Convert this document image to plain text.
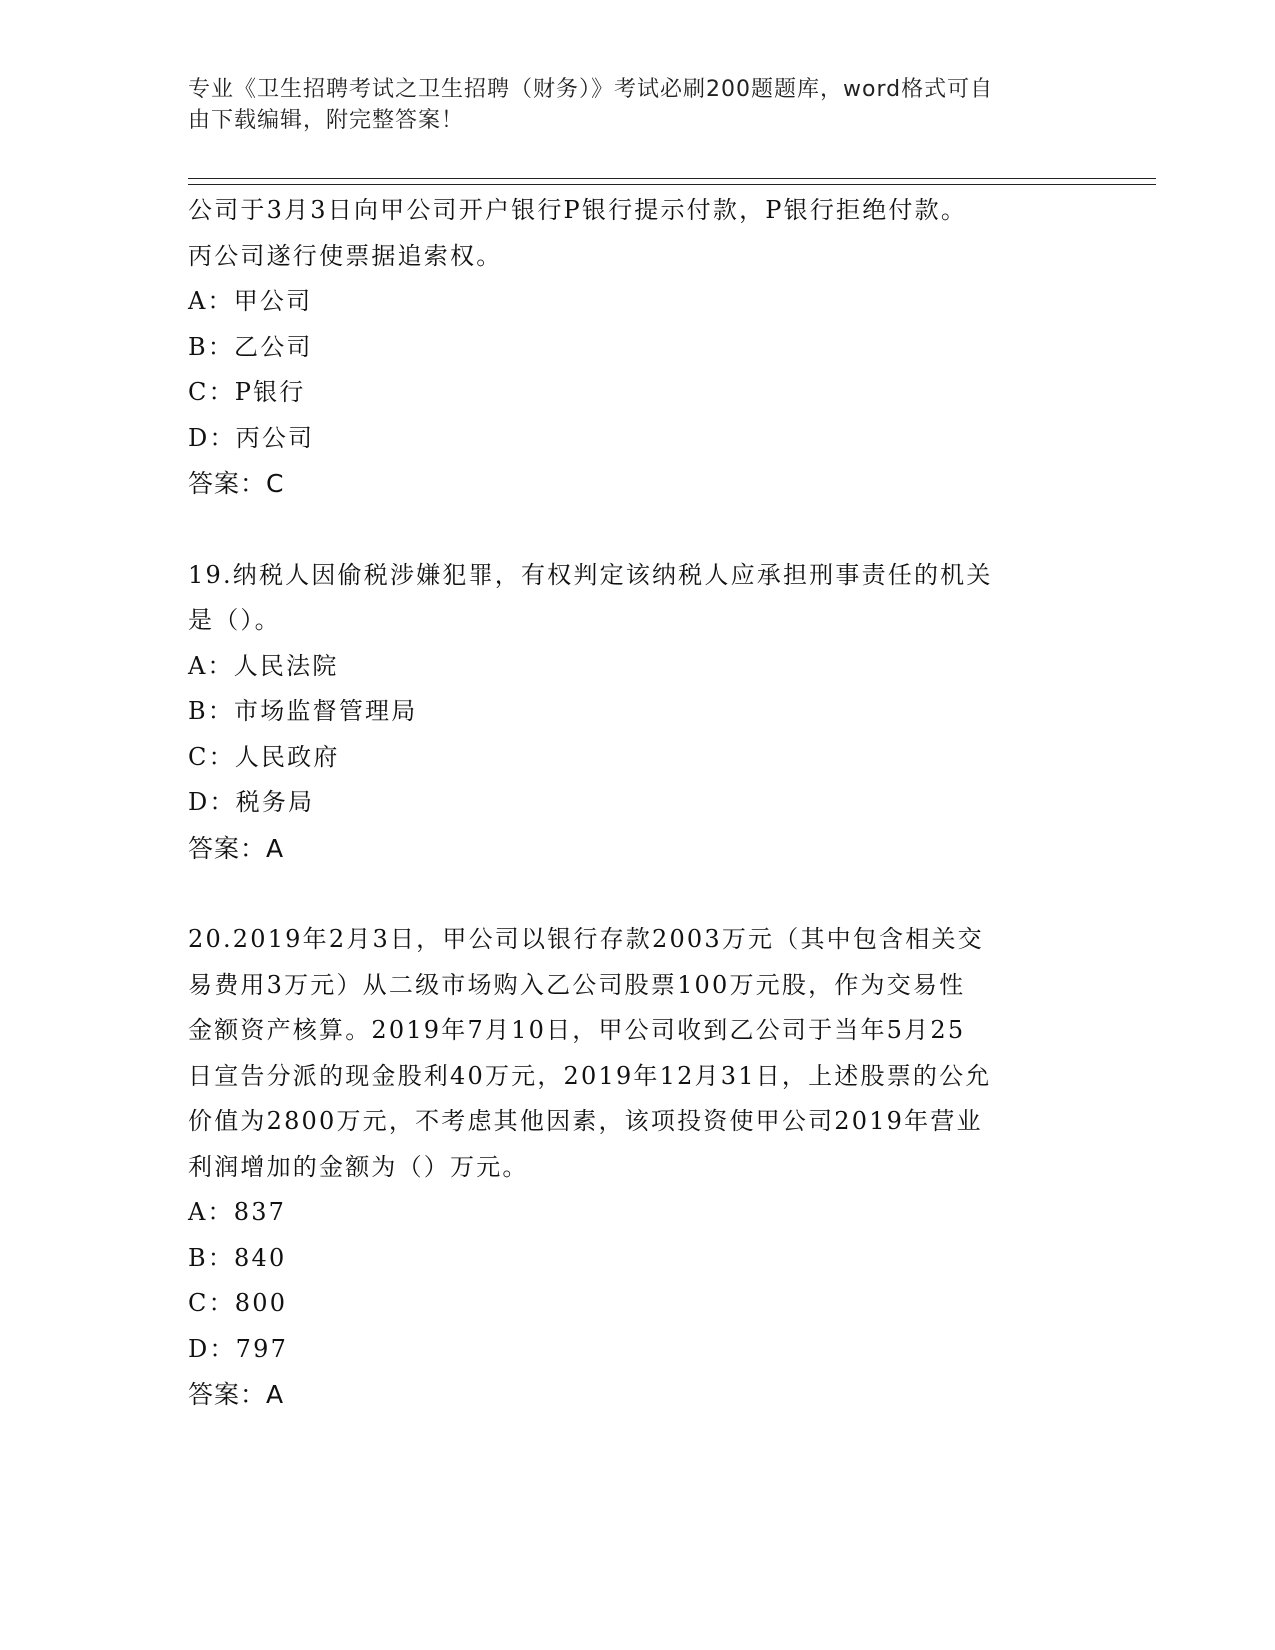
专业《卫生招聘考试之卫生招聘（财务）》考试必刷200题题库，word格式可自
由下载编辑，附完整答案！

公司于3月3日向甲公司开户银行P银行提示付款，P银行拒绝付款。

丙公司遂行使票据追索权。

A：甲公司

B：乙公司

C：P银行

D：丙公司

答案：C

19.纳税人因偷税涉嫌犯罪，有权判定该纳税人应承担刑事责任的机关

是（）。

A：人民法院

B：市场监督管理局

C：人民政府

D：税务局

答案：A

20.2019年2月3日，甲公司以银行存款2003万元（其中包含相关交

易费用3万元）从二级市场购入乙公司股票100万元股，作为交易性

金额资产核算。2019年7月10日，甲公司收到乙公司于当年5月25

日宣告分派的现金股利40万元，2019年12月31日，上述股票的公允

价值为2800万元，不考虑其他因素，该项投资使甲公司2019年营业

利润增加的金额为（）万元。

A：837

B：840

C：800

D：797

答案：A
